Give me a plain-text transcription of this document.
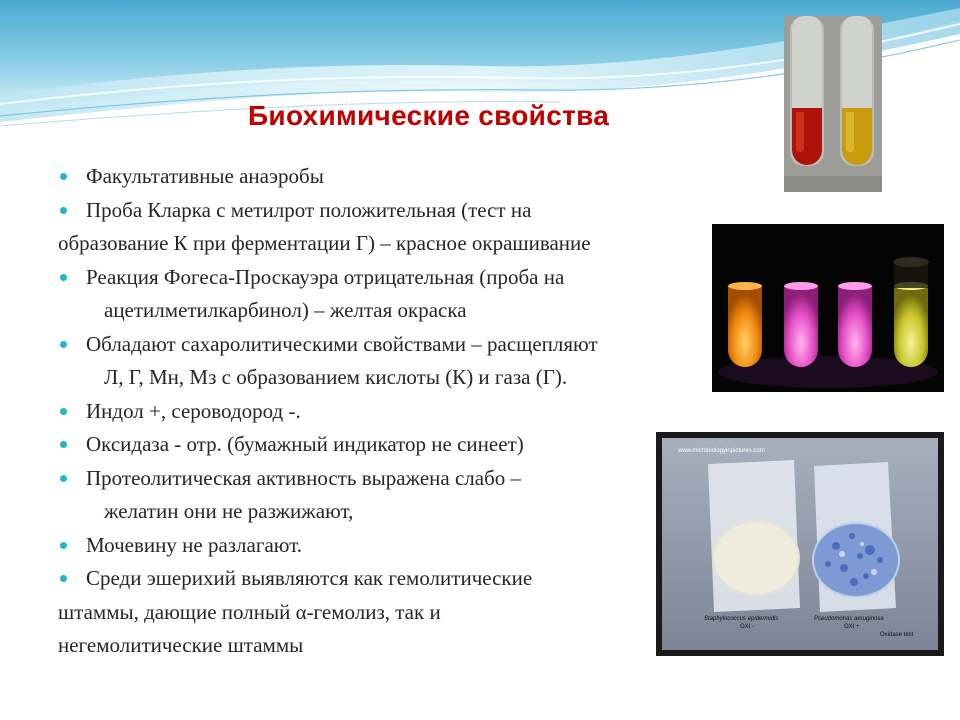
Биохимические свойства
Факультативные анаэробы
Проба Кларка с метилрот положительная (тест на
образование К при ферментации Г) – красное окрашивание
Реакция Фогеса-Проскауэра отрицательная (проба на
ацетилметилкарбинол) – желтая окраска
Обладают сахаролитическими свойствами – расщепляют
Л, Г, Мн, Мз с образованием кислоты (К) и газа (Г).
Индол +, сероводород -.
Оксидаза - отр. (бумажный индикатор не синеет)
Протеолитическая активность выражена слабо –
желатин они не разжижают,
Мочевину не разлагают.
Среди эшерихий выявляются как гемолитические
штаммы, дающие полный α-гемолиз, так и
негемолитические штаммы
www.microbiologyinpictures.com
Staphylococcus epidermidis
OXI -
Pseudomonas aeruginosa
OXI +
Oxidase test
